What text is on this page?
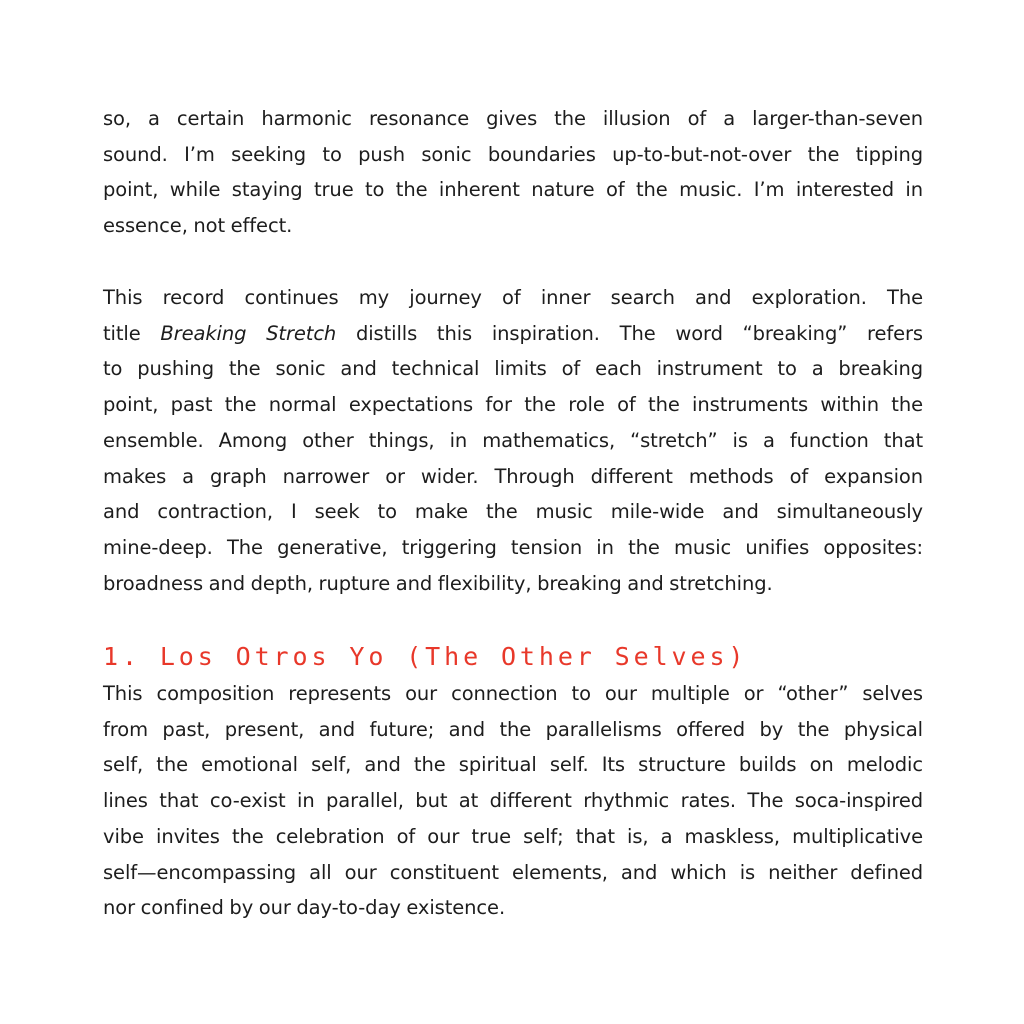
so, a certain harmonic resonance gives the illusion of a larger-than-seven
sound. I’m seeking to push sonic boundaries up-to-but-not-over the tipping
point, while staying true to the inherent nature of the music. I’m interested in
essence, not effect.

This record continues my journey of inner search and exploration. The
title Breaking Stretch distills this inspiration. The word “breaking” refers
to pushing the sonic and technical limits of each instrument to a breaking
point, past the normal expectations for the role of the instruments within the
ensemble. Among other things, in mathematics, “stretch” is a function that
makes a graph narrower or wider. Through different methods of expansion
and contraction, I seek to make the music mile-wide and simultaneously
mine-deep. The generative, triggering tension in the music unifies opposites:
broadness and depth, rupture and flexibility, breaking and stretching.

1. Los Otros Yo (The Other Selves)

This composition represents our connection to our multiple or “other” selves
from past, present, and future; and the parallelisms offered by the physical
self, the emotional self, and the spiritual self. Its structure builds on melodic
lines that co-exist in parallel, but at different rhythmic rates. The soca-inspired
vibe invites the celebration of our true self; that is, a maskless, multiplicative
self—encompassing all our constituent elements, and which is neither defined
nor confined by our day-to-day existence.
